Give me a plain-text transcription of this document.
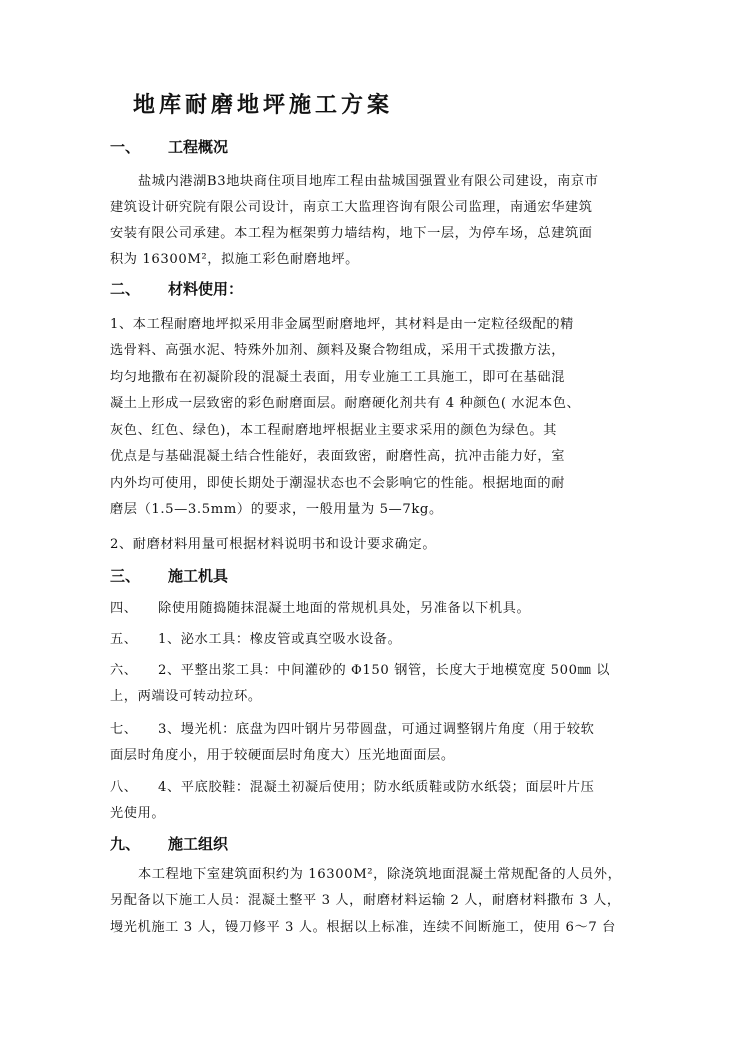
地库耐磨地坪施工方案
一、 工程概况
盐城内港湖B3地块商住项目地库工程由盐城国强置业有限公司建设，南京市
建筑设计研究院有限公司设计，南京工大监理咨询有限公司监理，南通宏华建筑
安装有限公司承建。本工程为框架剪力墙结构，地下一层，为停车场，总建筑面
积为 16300M²，拟施工彩色耐磨地坪。
二、 材料使用：
1、本工程耐磨地坪拟采用非金属型耐磨地坪，其材料是由一定粒径级配的精
选骨料、高强水泥、特殊外加剂、颜料及聚合物组成，采用干式拨撒方法，
均匀地撒布在初凝阶段的混凝土表面，用专业施工工具施工，即可在基础混
凝土上形成一层致密的彩色耐磨面层。耐磨硬化剂共有 4 种颜色( 水泥本色、
灰色、红色、绿色)，本工程耐磨地坪根据业主要求采用的颜色为绿色。其
优点是与基础混凝土结合性能好，表面致密，耐磨性高，抗冲击能力好，室
内外均可使用，即使长期处于潮湿状态也不会影响它的性能。根据地面的耐
磨层（1.5—3.5mm）的要求，一般用量为 5—7kg。
2、耐磨材料用量可根据材料说明书和设计要求确定。
三、 施工机具
四、 除使用随捣随抹混凝土地面的常规机具处，另准备以下机具。
五、 1、泌水工具：橡皮管或真空吸水设备。
六、 2、平整出浆工具：中间灌砂的 Φ150 钢管，长度大于地模宽度 500㎜ 以
上，两端设可转动拉环。
七、 3、墁光机：底盘为四叶钢片另带圆盘，可通过调整钢片角度（用于较软
面层时角度小，用于较硬面层时角度大）压光地面面层。
八、 4、平底胶鞋：混凝土初凝后使用；防水纸质鞋或防水纸袋；面层叶片压
光使用。
九、 施工组织
本工程地下室建筑面积约为 16300M²，除浇筑地面混凝土常规配备的人员外，
另配备以下施工人员：混凝土整平 3 人，耐磨材料运输 2 人，耐磨材料撒布 3 人，
墁光机施工 3 人，镘刀修平 3 人。根据以上标准，连续不间断施工，使用 6～7 台
